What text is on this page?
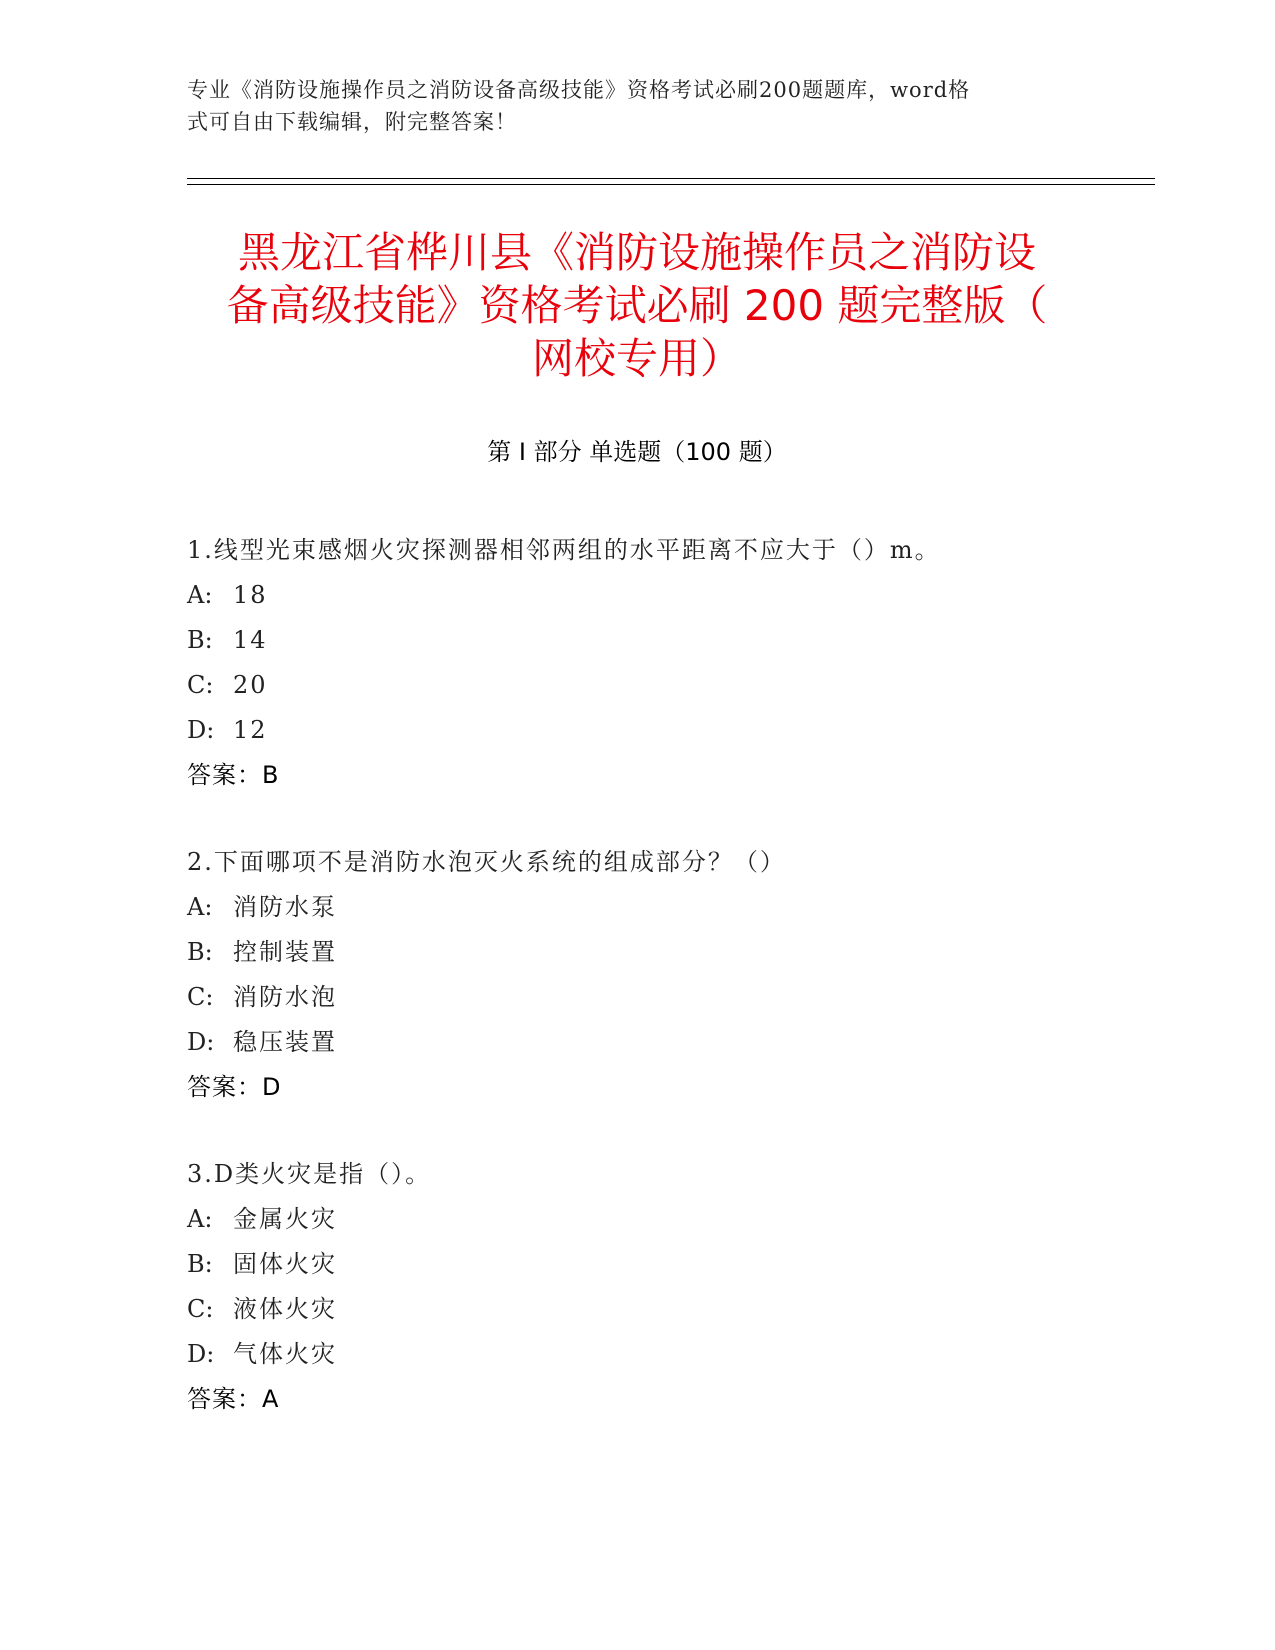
专业《消防设施操作员之消防设备高级技能》资格考试必刷200题题库，word格
式可自由下载编辑，附完整答案！
黑龙江省桦川县《消防设施操作员之消防设
备高级技能》资格考试必刷 200 题完整版（
网校专用）
第 I 部分 单选题（100 题）
1.线型光束感烟火灾探测器相邻两组的水平距离不应大于（）m。
A: 18
B: 14
C: 20
D: 12
答案：B
2.下面哪项不是消防水泡灭火系统的组成部分？（）
A: 消防水泵
B: 控制装置
C: 消防水泡
D: 稳压装置
答案：D
3.D类火灾是指（）。
A: 金属火灾
B: 固体火灾
C: 液体火灾
D: 气体火灾
答案：A
